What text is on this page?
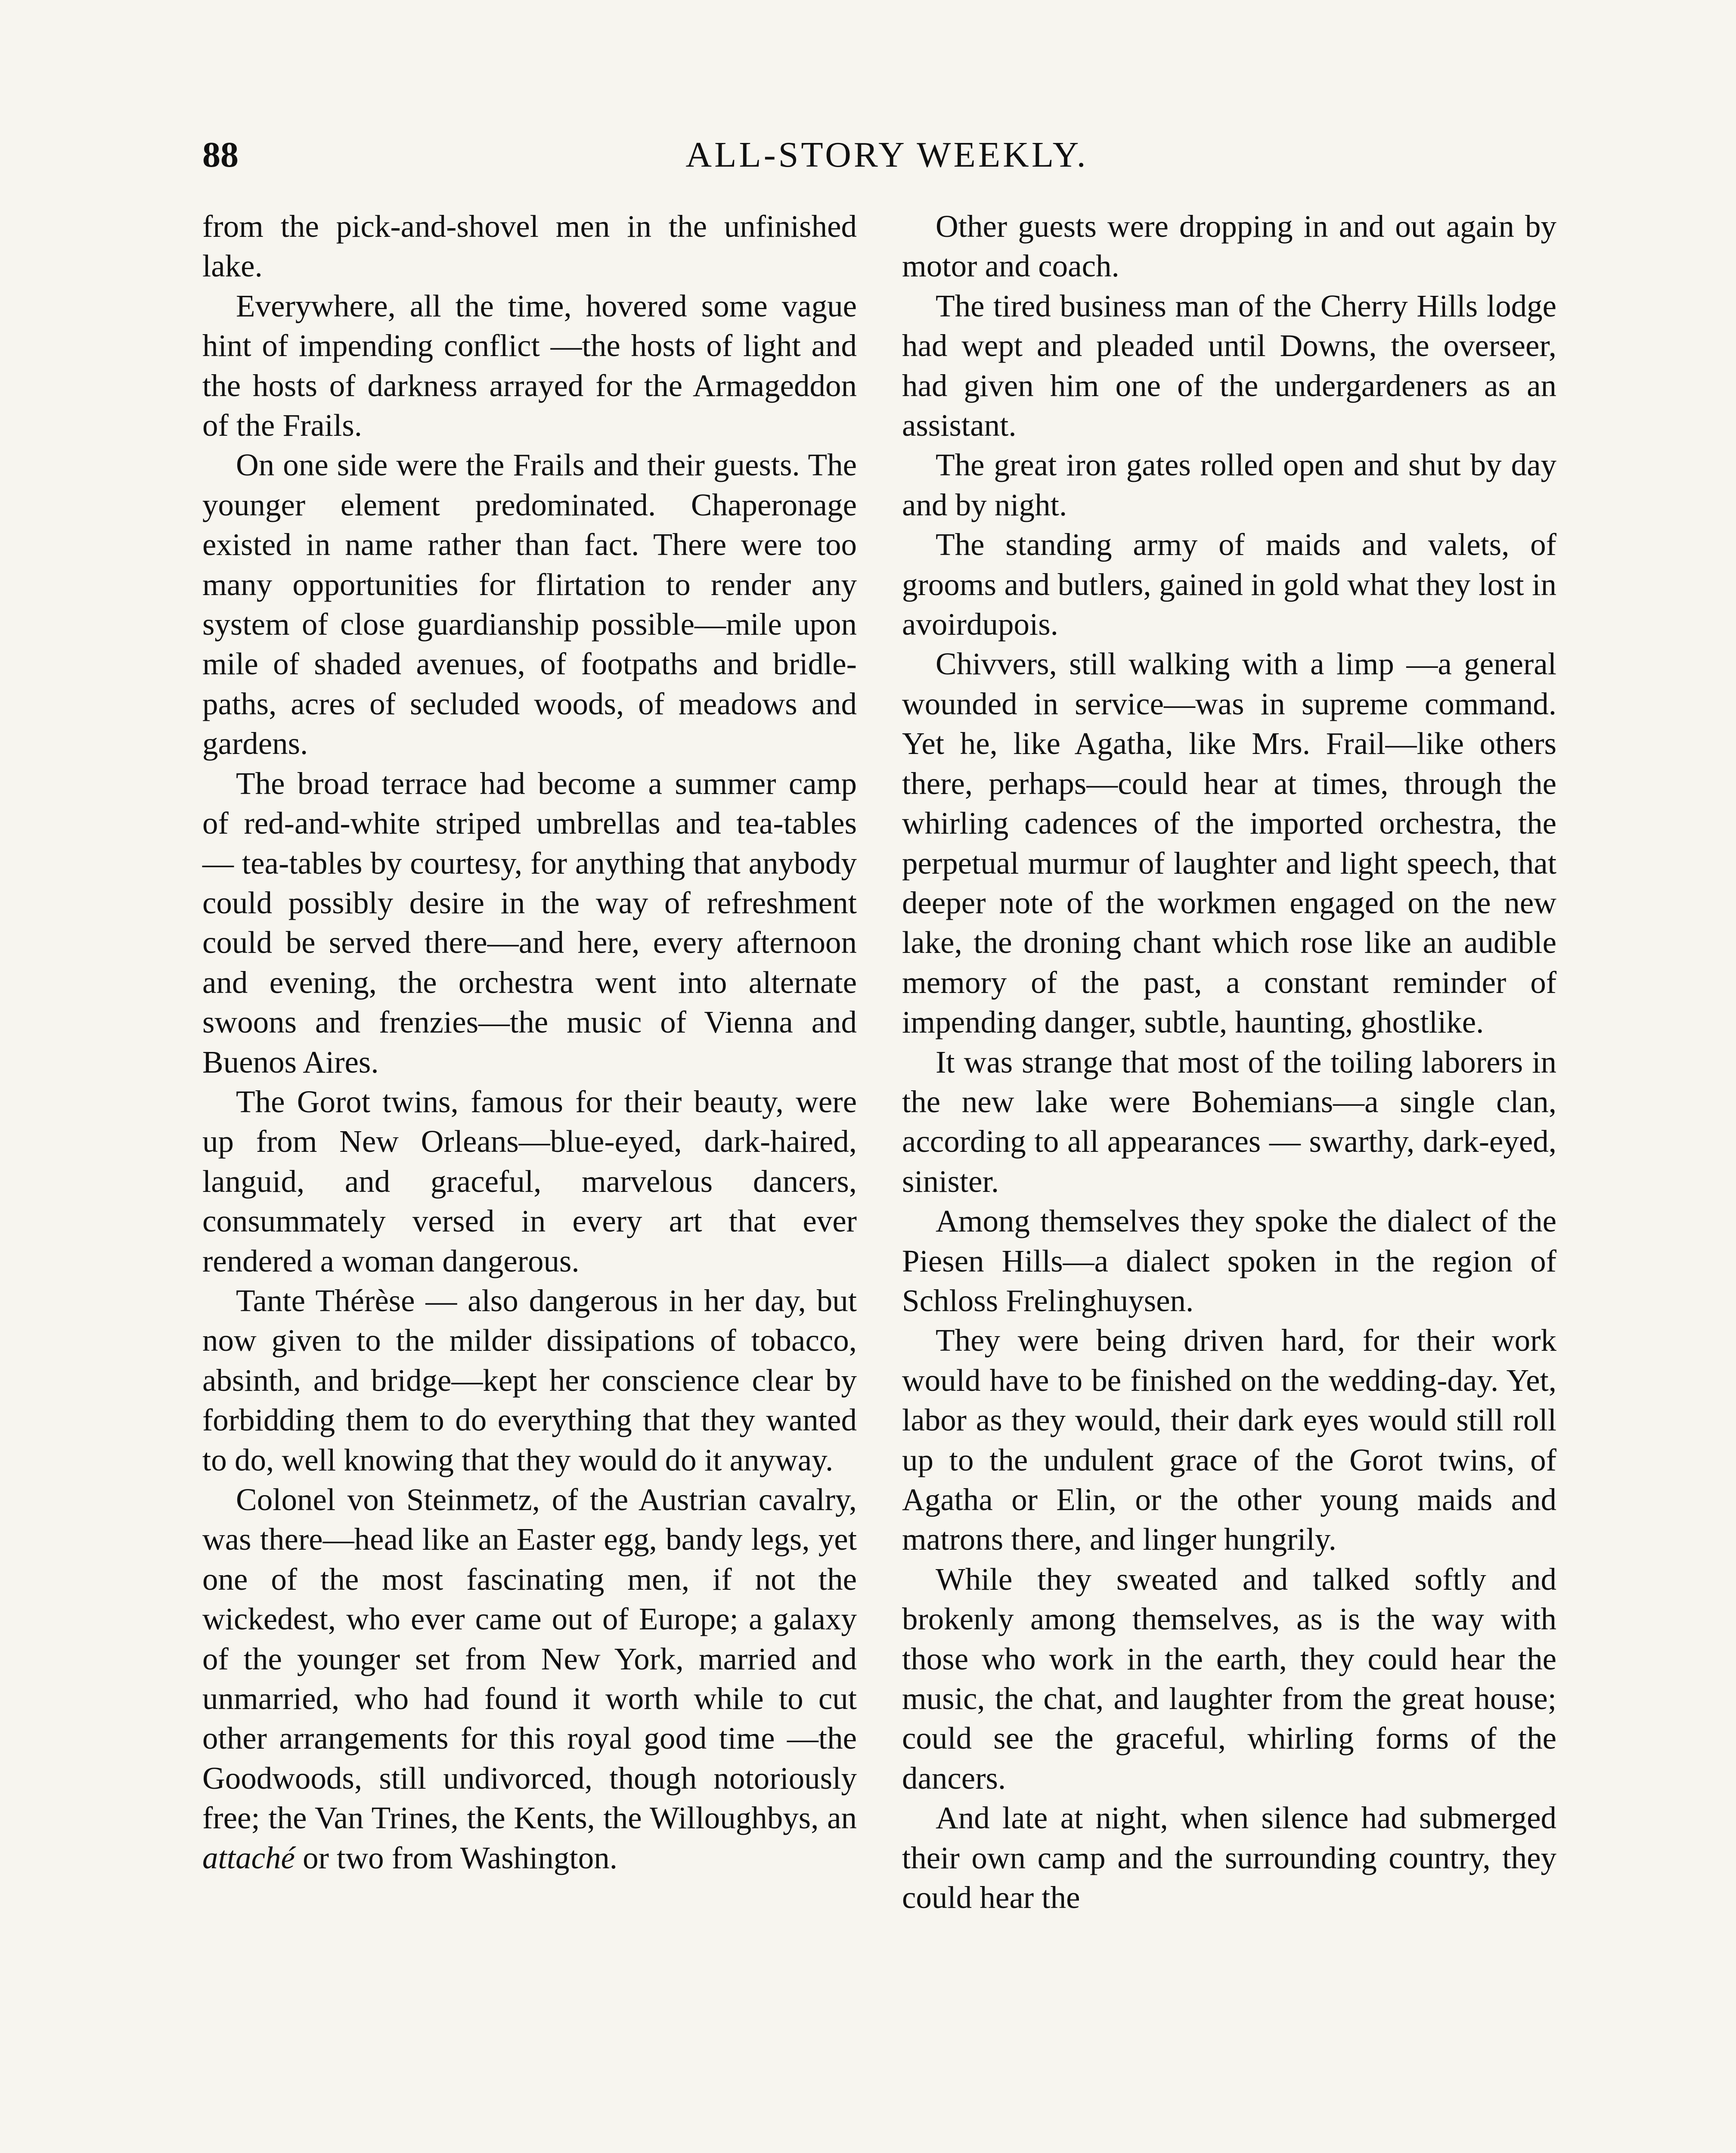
88	ALL-STORY WEEKLY.

from the pick-and-shovel men in the unfinished lake.

Everywhere, all the time, hovered some vague hint of impending conflict —the hosts of light and the hosts of darkness arrayed for the Armageddon of the Frails.

On one side were the Frails and their guests. The younger element predominated. Chaperonage existed in name rather than fact. There were too many opportunities for flirtation to render any system of close guardianship possible—mile upon mile of shaded avenues, of footpaths and bridle-paths, acres of secluded woods, of meadows and gardens.

The broad terrace had become a summer camp of red-and-white striped umbrellas and tea-tables — tea-tables by courtesy, for anything that anybody could possibly desire in the way of refreshment could be served there—and here, every afternoon and evening, the orchestra went into alternate swoons and frenzies—the music of Vienna and Buenos Aires.

The Gorot twins, famous for their beauty, were up from New Orleans—blue-eyed, dark-haired, languid, and graceful, marvelous dancers, consummately versed in every art that ever rendered a woman dangerous.

Tante Thérèse — also dangerous in her day, but now given to the milder dissipations of tobacco, absinth, and bridge—kept her conscience clear by forbidding them to do everything that they wanted to do, well knowing that they would do it anyway.

Colonel von Steinmetz, of the Austrian cavalry, was there—head like an Easter egg, bandy legs, yet one of the most fascinating men, if not the wickedest, who ever came out of Europe; a galaxy of the younger set from New York, married and unmarried, who had found it worth while to cut other arrangements for this royal good time —the Goodwoods, still undivorced, though notoriously free; the Van Trines, the Kents, the Willoughbys, an attaché or two from Washington.

Other guests were dropping in and out again by motor and coach.

The tired business man of the Cherry Hills lodge had wept and pleaded until Downs, the overseer, had given him one of the undergardeners as an assistant.

The great iron gates rolled open and shut by day and by night.

The standing army of maids and valets, of grooms and butlers, gained in gold what they lost in avoirdupois.

Chivvers, still walking with a limp —a general wounded in service—was in supreme command. Yet he, like Agatha, like Mrs. Frail—like others there, perhaps—could hear at times, through the whirling cadences of the imported orchestra, the perpetual murmur of laughter and light speech, that deeper note of the workmen engaged on the new lake, the droning chant which rose like an audible memory of the past, a constant reminder of impending danger, subtle, haunting, ghostlike.

It was strange that most of the toiling laborers in the new lake were Bohemians—a single clan, according to all appearances — swarthy, dark-eyed, sinister.

Among themselves they spoke the dialect of the Piesen Hills—a dialect spoken in the region of Schloss Frelinghuysen.

They were being driven hard, for their work would have to be finished on the wedding-day. Yet, labor as they would, their dark eyes would still roll up to the undulent grace of the Gorot twins, of Agatha or Elin, or the other young maids and matrons there, and linger hungrily.

While they sweated and talked softly and brokenly among themselves, as is the way with those who work in the earth, they could hear the music, the chat, and laughter from the great house; could see the graceful, whirling forms of the dancers.

And late at night, when silence had submerged their own camp and the surrounding country, they could hear the
